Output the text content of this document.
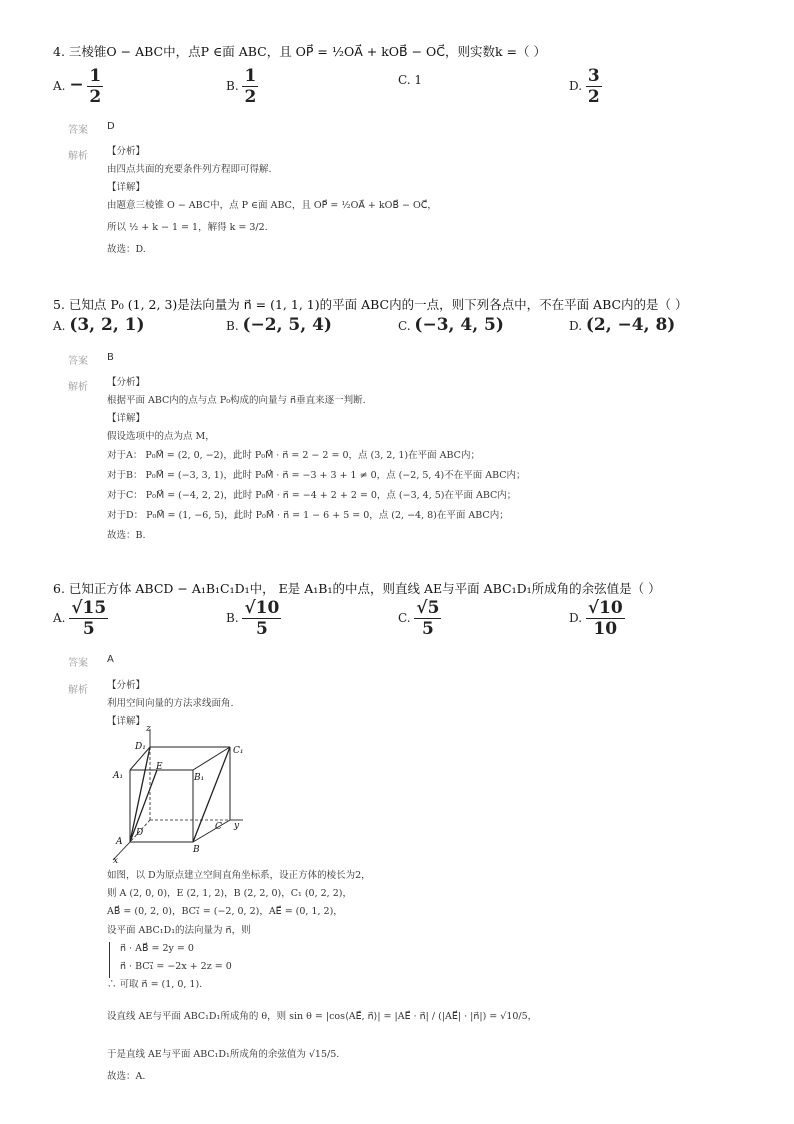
4. 三棱锥O − ABC中，点P ∈面 ABC，且 OP⃗ = ½OA⃗ + kOB⃗ − OC⃗，则实数k =（ ）
A. − $\frac{1}{2}$	B. $\frac{1}{2}$	C. 1	D. $\frac{3}{2}$
答案 D
解析 【分析】
由四点共面的充要条件列方程即可得解.
【详解】
由题意三棱锥 O − ABC中，点 P ∈面 ABC，且 OP⃗ = ½OA⃗ + kOB⃗ − OC⃗，
所以 ½ + k − 1 = 1，解得 k = 3/2.
故选：D.
5. 已知点 P₀ (1, 2, 3)是法向量为 n⃗ = (1, 1, 1)的平面 ABC内的一点，则下列各点中，不在平面 ABC内的是（ ）
A. (3, 2, 1)	B. (−2, 5, 4)	C. (−3, 4, 5)	D. (2, −4, 8)
答案 B
解析 【分析】
根据平面 ABC内的点与点 P₀构成的向量与 n⃗垂直来逐一判断.
【详解】
假设选项中的点为点 M，
对于A： P₀M⃗ = (2, 0, −2)，此时 P₀M⃗ · n⃗ = 2 − 2 = 0，点 (3, 2, 1)在平面 ABC内；
对于B： P₀M⃗ = (−3, 3, 1)，此时 P₀M⃗ · n⃗ = −3 + 3 + 1 ≠ 0，点 (−2, 5, 4)不在平面 ABC内；
对于C： P₀M⃗ = (−4, 2, 2)，此时 P₀M⃗ · n⃗ = −4 + 2 + 2 = 0，点 (−3, 4, 5)在平面 ABC内；
对于D： P₀M⃗ = (1, −6, 5)，此时 P₀M⃗ · n⃗ = 1 − 6 + 5 = 0，点 (2, −4, 8)在平面 ABC内；
故选：B.
6. 已知正方体 ABCD − A₁B₁C₁D₁中， E是 A₁B₁的中点，则直线 AE与平面 ABC₁D₁所成角的余弦值是（ ）
A. $\frac{√15}{5}$	B. $\frac{√10}{5}$	C. $\frac{√5}{5}$	D. $\frac{√10}{10}$
答案 A
解析 【分析】
利用空间向量的方法求线面角.
【详解】
z
y
x
D₁	C₁
A₁	B₁
E
A
B
C
D
如图，以 D为原点建立空间直角坐标系，设正方体的棱长为2，
则 A (2, 0, 0)，E (2, 1, 2)，B (2, 2, 0)，C₁ (0, 2, 2)，
AB⃗ = (0, 2, 0)，BC₁⃗ = (−2, 0, 2)，AE⃗ = (0, 1, 2)，
设平面 ABC₁D₁的法向量为 n⃗，则
n⃗ · AB⃗ = 2y = 0
n⃗ · BC₁⃗ = −2x + 2z = 0
∴ 可取 n⃗ = (1, 0, 1).
设直线 AE与平面 ABC₁D₁所成角的 θ，则 sin θ = |cos⟨AE⃗, n⃗⟩| = |AE⃗ · n⃗| / (|AE⃗| · |n⃗|) = √10/5，
于是直线 AE与平面 ABC₁D₁所成角的余弦值为 √15/5.
故选：A.
